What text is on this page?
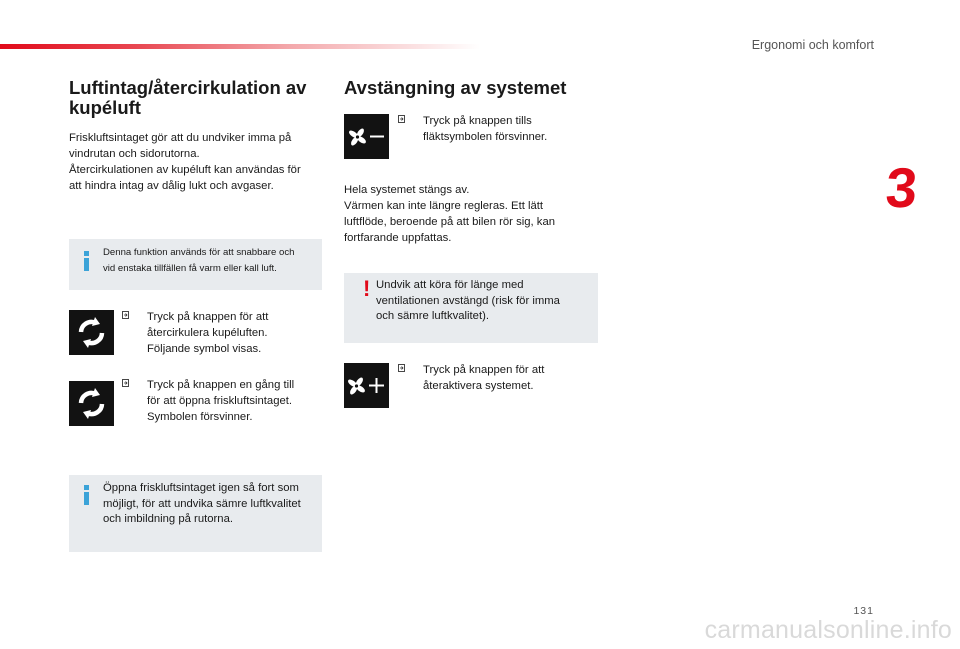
Ergonomi och komfort
3
Luftintag/återcirkulation av kupéluft

Friskluftsintaget gör att du undviker imma på

vindrutan och sidorutorna.

Återcirkulationen av kupéluft kan användas för

att hindra intag av dålig lukt och avgaser.

Denna funktion används för att snabbare och
vid enstaka tillfällen få varm eller kall luft.
Tryck på knappen för att
återcirkulera kupéluften.
Följande symbol visas.
Tryck på knappen en gång till
för att öppna friskluftsintaget.
Symbolen försvinner.
Öppna friskluftsintaget igen så fort som
möjligt, för att undvika sämre luftkvalitet
och imbildning på rutorna.
Avstängning av systemet
Tryck på knappen tills
fläktsymbolen försvinner.

Hela systemet stängs av.

Värmen kan inte längre regleras. Ett lätt

luftflöde, beroende på att bilen rör sig, kan

fortfarande uppfattas.

! Undvik att köra för länge med
ventilationen avstängd (risk för imma
och sämre luftkvalitet).
Tryck på knappen för att
återaktivera systemet.
131
carmanualsonline.info
